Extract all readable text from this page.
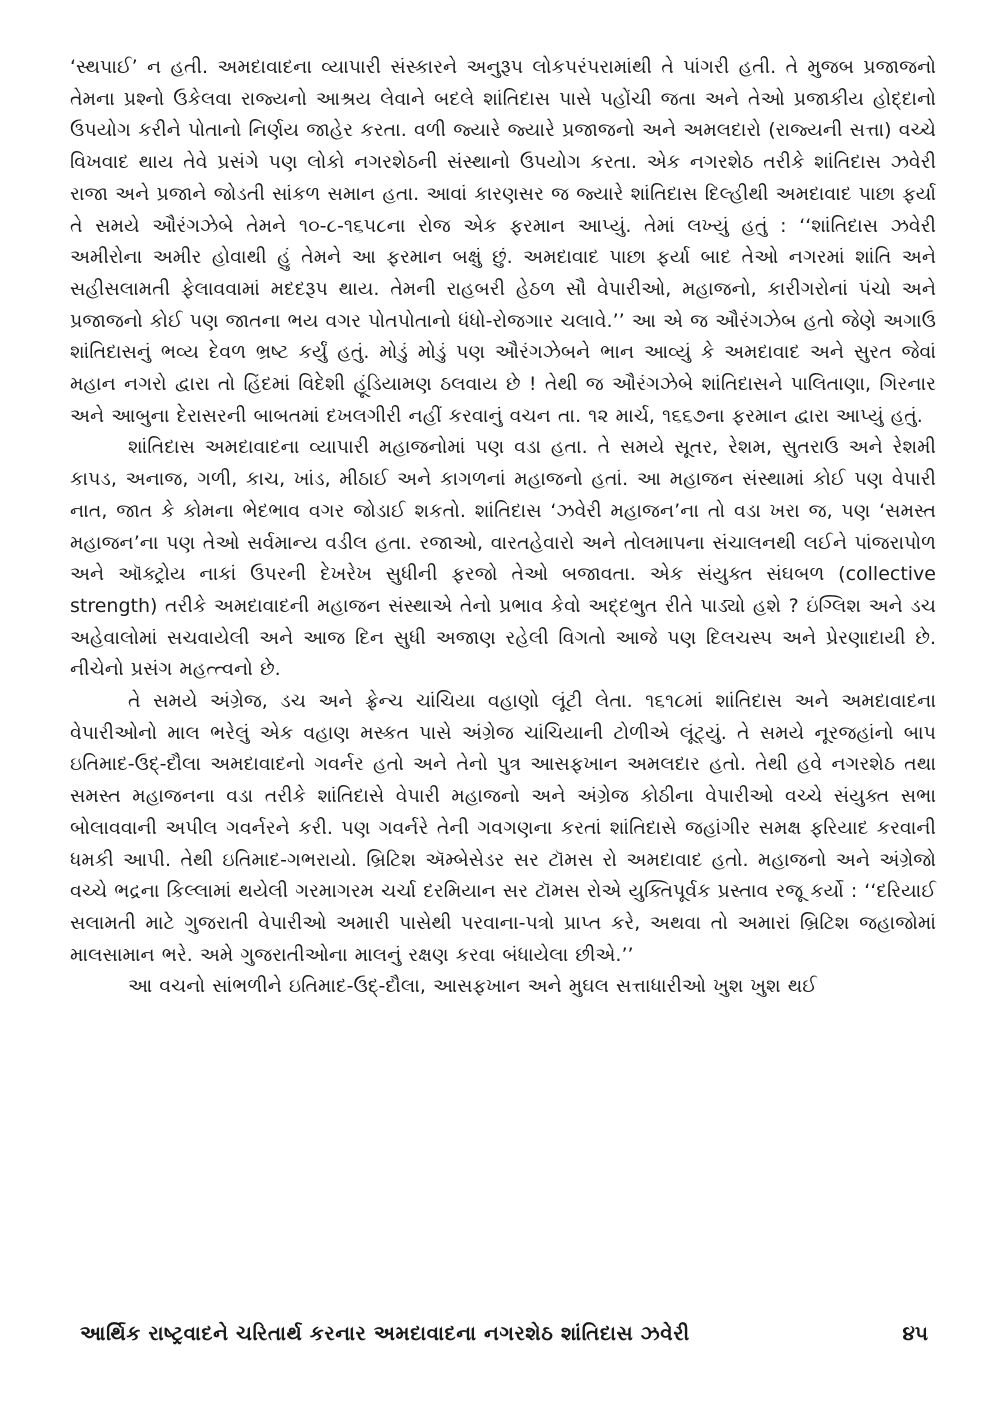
‘સ્થપાઈ’ ન હતી. અમદાવાદના વ્યાપારી સંસ્કારને અનુરૂપ લોકપરંપરામાંથી તે પાંગરી હતી. તે મુજબ પ્રજાજનો તેમના પ્રશ્નો ઉકેલવા રાજ્યનો આશ્રય લેવાને બદલે શાંતિદાસ પાસે પહોંચી જતા અને તેઓ પ્રજાકીય હોદ્દાનો ઉપયોગ કરીને પોતાનો નિર્ણય જાહેર કરતા. વળી જ્યારે જ્યારે પ્રજાજનો અને અમલદારો (રાજ્યની સત્તા) વચ્ચે વિખવાદ થાય તેવે પ્રસંગે પણ લોકો નગરશેઠની સંસ્થાનો ઉપયોગ કરતા. એક નગરશેઠ તરીકે શાંતિદાસ ઝવેરી રાજા અને પ્રજાને જોડતી સાંકળ સમાન હતા. આવાં કારણસર જ જ્યારે શાંતિદાસ દિલ્હીથી અમદાવાદ પાછા ફર્યા તે સમયે ઔરંગઝેબે તેમને ૧૦-૮-૧૬૫૮ના રોજ એક ફરમાન આપ્યું. તેમાં લખ્યું હતું : ‘‘શાંતિદાસ ઝવેરી અમીરોના અમીર હોવાથી હું તેમને આ ફરમાન બક્ષું છું. અમદાવાદ પાછા ફર્યા બાદ તેઓ નગરમાં શાંતિ અને સહીસલામતી ફેલાવવામાં મદદરૂપ થાય. તેમની રાહબરી હેઠળ સૌ વેપારીઓ, મહાજનો, કારીગરોનાં પંચો અને પ્રજાજનો કોઈ પણ જાતના ભય વગર પોતપોતાનો ધંધો-રોજગાર ચલાવે.’’ આ એ જ ઔરંગઝેબ હતો જેણે અગાઉ શાંતિદાસનું ભવ્ય દેવળ ભ્રષ્ટ કર્યું હતું. મોડું મોડું પણ ઔરંગઝેબને ભાન આવ્યું કે અમદાવાદ અને સુરત જેવાં મહાન નગરો દ્વારા તો હિંદમાં વિદેશી હૂંડિયામણ ઠલવાય છે ! તેથી જ ઔરંગઝેબે શાંતિદાસને પાલિતાણા, ગિરનાર અને આબુના દેરાસરની બાબતમાં દખલગીરી નહીં કરવાનું વચન તા. ૧૨ માર્ચ, ૧૬૬૭ના ફરમાન દ્વારા આપ્યું હતું.

શાંતિદાસ અમદાવાદના વ્યાપારી મહાજનોમાં પણ વડા હતા. તે સમયે સૂતર, રેશમ, સુતરાઉ અને રેશમી કાપડ, અનાજ, ગળી, કાચ, ખાંડ, મીઠાઈ અને કાગળનાં મહાજનો હતાં. આ મહાજન સંસ્થામાં કોઈ પણ વેપારી નાત, જાત કે કોમના ભેદભાવ વગર જોડાઈ શકતો. શાંતિદાસ ‘ઝવેરી મહાજન’ના તો વડા ખરા જ, પણ ‘સમસ્ત મહાજન’ના પણ તેઓ સર્વમાન્ય વડીલ હતા. રજાઓ, વારતહેવારો અને તોલમાપના સંચાલનથી લઈને પાંજરાપોળ અને ઑક્ટ્રોય નાકાં ઉપરની દેખરેખ સુધીની ફરજો તેઓ બજાવતા. એક સંયુક્ત સંઘબળ (collective strength) તરીકે અમદાવાદની મહાજન સંસ્થાએ તેનો પ્રભાવ કેવો અદ્દભુત રીતે પાડ્યો હશે ? ઇંગ્લિશ અને ડચ અહેવાલોમાં સચવાયેલી અને આજ દિન સુધી અજાણ રહેલી વિગતો આજે પણ દિલચસ્પ અને પ્રેરણાદાયી છે. નીચેનો પ્રસંગ મહત્ત્વનો છે.

તે સમયે અંગ્રેજ, ડચ અને ફ્રેન્ચ ચાંચિયા વહાણો લૂંટી લેતા. ૧૬૧૮માં શાંતિદાસ અને અમદાવાદના વેપારીઓનો માલ ભરેલું એક વહાણ મસ્કત પાસે અંગ્રેજ ચાંચિયાની ટોળીએ લૂંટ્યું. તે સમયે નૂરજહાંનો બાપ ઇતિમાદ-ઉદ્-દૌલા અમદાવાદનો ગવર્નર હતો અને તેનો પુત્ર આસફખાન અમલદાર હતો. તેથી હવે નગરશેઠ તથા સમસ્ત મહાજનના વડા તરીકે શાંતિદાસે વેપારી મહાજનો અને અંગ્રેજ કોઠીના વેપારીઓ વચ્ચે સંયુક્ત સભા બોલાવવાની અપીલ ગવર્નરને કરી. પણ ગવર્નરે તેની ગવગણના કરતાં શાંતિદાસે જહાંગીર સમક્ષ ફરિયાદ કરવાની ધમકી આપી. તેથી ઇતિમાદ-ગભરાયો. બ્રિટિશ ઍમ્બેસેડર સર ટૉમસ રો અમદાવાદ હતો. મહાજનો અને અંગ્રેજો વચ્ચે ભદ્રના કિલ્લામાં થયેલી ગરમાગરમ ચર્ચા દરમિયાન સર ટૉમસ રોએ યુક્તિપૂર્વક પ્રસ્તાવ રજૂ કર્યો : ‘‘દરિયાઈ સલામતી માટે ગુજરાતી વેપારીઓ અમારી પાસેથી પરવાના-પત્રો પ્રાપ્ત કરે, અથવા તો અમારાં બ્રિટિશ જહાજોમાં માલસામાન ભરે. અમે ગુજરાતીઓના માલનું રક્ષણ કરવા બંધાયેલા છીએ.’’

આ વચનો સાંભળીને ઇતિમાદ-ઉદ્-દૌલા, આસફખાન અને મુઘલ સત્તાધારીઓ ખુશ ખુશ થઈ

આર્થિક રાષ્ટ્રવાદને ચરિતાર્થ કરનાર અમદાવાદના નગરશેઠ શાંતિદાસ ઝવેરી	૪૫
